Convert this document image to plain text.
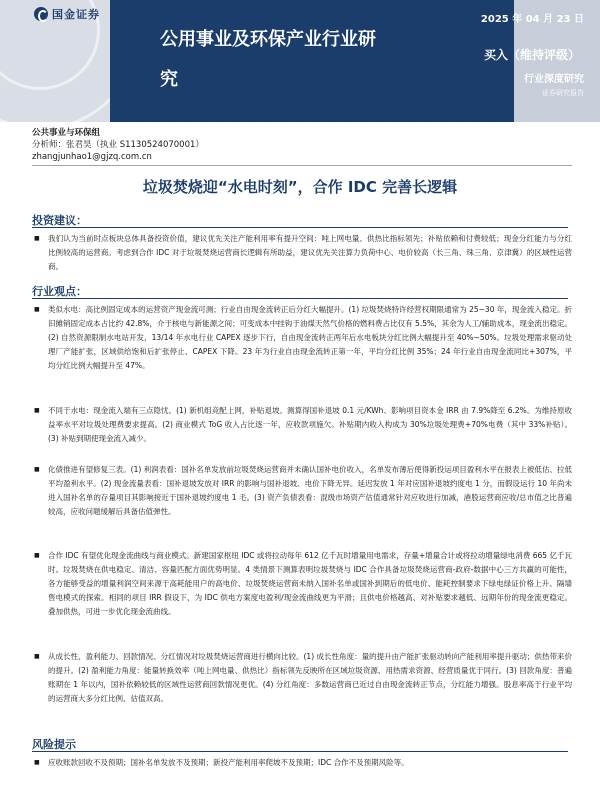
国金证券	2025 年 04 月 23 日
公用事业及环保产业行业研究
买入（维持评级）
行业深度研究
证券研究报告
公共事业与环保组
分析师：张君昊（执业 S1130524070001）
zhangjunhao1@gjzq.com.cn
垃圾焚烧迎“水电时刻”，合作 IDC 完善长逻辑
投资建议：
■ 我们认为当前时点板块总体具备投资价值，建议优先关注产能利用率有提升空间：吨上网电量、供热比指标领先；补贴依赖和付费较低；现金分红能力与分红比例较高的运营商。考虑到合作 IDC 对于垃圾焚烧运营商长逻辑有所助益，建议优先关注算力负荷中心、电价较高（长三角、珠三角、京津冀）的区域性运营商。
行业观点：
■ 类似水电：高比例固定成本的运营资产现金流可测；行业自由现金流转正后分红大幅提升。(1) 垃圾焚烧特许经营权期限通常为 25~30 年，现金流入稳定。折旧摊销固定成本占比约 42.8%，介于核电与新能源之间；可变成本中挂钩于油煤天然气价格的燃料费占比仅有 5.5%，其余为人工/辅助成本，现金流出稳定。(2) 自然资源限制水电站开发，13/14 年水电行业 CAPEX 逐步下行，自由现金流转正两年后水电板块分红比例大幅提升至 40%~50%。垃圾处理需求驱动处理厂产能扩张，区域供给饱和后扩张停止、CAPEX 下降。23 年为行业自由现金流转正第一年，平均分红比例 35%；24 年行业自由现金流同比+307%，平均分红比例大幅提升至 47%。
■ 不同于水电：现金流入端有三点隐忧。(1) 新机组竞配上网，补贴退坡。测算得国补退坡 0.1 元/KWh、影响项目资本金 IRR 由 7.9%降至 6.2%。为维持原收益率水平对垃圾处理费要求提高。(2) 商业模式 ToG 收入占比逐一年，应收款项施欠。补贴期内收入构成为 30%垃圾处理费+70%电费（其中 33%补贴）。(3) 补贴到期使现金流入减少。
■ 化债推进有望修复三表。(1) 利润表看：国补名单发放前垃圾焚烧运营商并未确认国补电价收入，名单发布薄后使得新投运项目盈利水平在报表上被低估、拉低平均盈利水平。(2) 现金流量表看：国补退坡发放对 IRR 的影响与国补退坡、电价下降无异。延迟发放 1 年对应国补退坡约度电 1 分，而假设运行 10 年尚未进入国补名单的存量项目其影响接近于国补退坡约度电 1 毛。(3) 资产负债表看：混级市场资产估值通常针对应收进行加减，港股运营商应收/总市值之比普遍较高，应收问题缓解后具备估值弹性。
■ 合作 IDC 有望优化现金流曲线与商业模式。新建国家枢纽 IDC 或将拉动每年 612 亿千瓦时增量用电需求，存量+增量合计或将拉动增量绿电消费 665 亿千瓦时。垃圾焚烧在供电稳定、清洁、容量匹配方面优势明显。4 类情景下测算表明垃圾焚烧与 IDC 合作具备垃圾焚烧运营商-政府-数据中心三方共赢的可能性，各方能够受益的增量利润空间来源于高耗能用户的高电价、垃圾焚烧运营商未纳入国补名单或国补到期后的低电价、能耗控制要求下绿电绿证价格上升、隔墙售电模式的探索。相同的项目 IRR 假设下，为 IDC 供电方案度电盈利/现金流曲线更为平滑；且供电价格越高、对补贴要求越低、远期年份的现金流更稳定。叠加供热，可进一步优化现金流曲线。
■ 从成长性、盈利能力、回款情况、分红情况对垃圾焚烧运营商进行横向比较。(1) 成长性角度：量的提升由产能扩张驱动转向产能利用率提升驱动；供热带来价的提升。(2) 盈利能力角度：能量转换效率（吨上网电量、供热比）指标领先反映所在区域垃圾资源、用热需求资源、经营质量优于同行。(3) 回款角度：普遍账期在 1 年以内，国补依赖较低的区域性运营商回款情况更优。(4) 分红角度：多数运营商已近过自由现金流转正节点，分红能力增强。股息率高于行业平均的运营商大多分红比例、估值双高。
风险提示
■ 应收账款回收不及预期；国补名单发放不及预期；新投产能利用率爬坡不及预期；IDC 合作不及预期风险等。
